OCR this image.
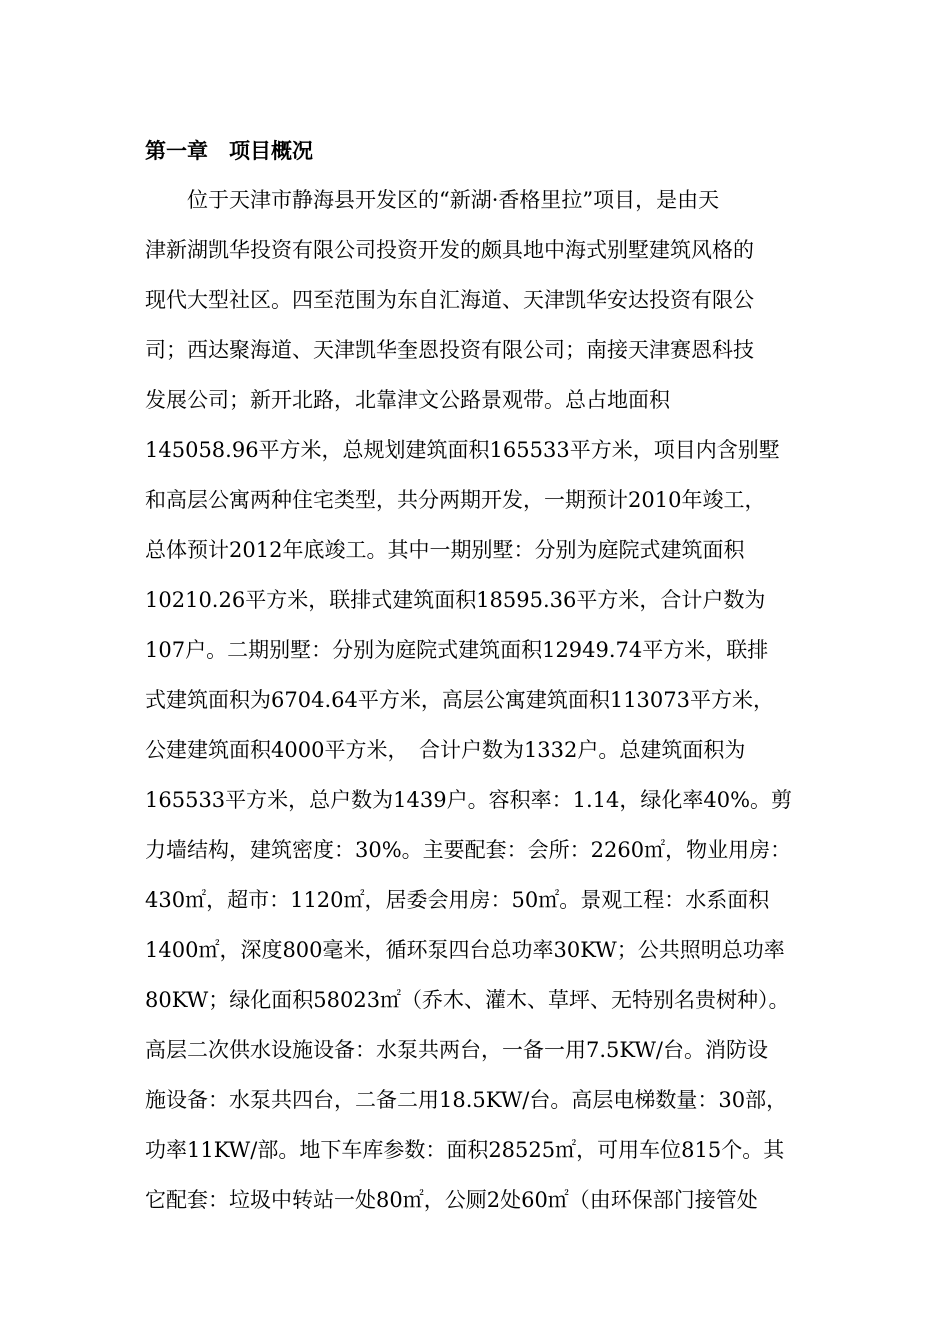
第一章　项目概况
　　位于天津市静海县开发区的“新湖·香格里拉”项目，是由天
津新湖凯华投资有限公司投资开发的颇具地中海式别墅建筑风格的
现代大型社区。四至范围为东自汇海道、天津凯华安达投资有限公
司；西达聚海道、天津凯华奎恩投资有限公司；南接天津赛恩科技
发展公司；新开北路，北靠津文公路景观带。总占地面积
145058.96平方米，总规划建筑面积165533平方米，项目内含别墅
和高层公寓两种住宅类型，共分两期开发，一期预计2010年竣工，
总体预计2012年底竣工。其中一期别墅：分别为庭院式建筑面积
10210.26平方米，联排式建筑面积18595.36平方米，合计户数为
107户。二期别墅：分别为庭院式建筑面积12949.74平方米，联排
式建筑面积为6704.64平方米，高层公寓建筑面积113073平方米，
公建建筑面积4000平方米，　合计户数为1332户。总建筑面积为
165533平方米，总户数为1439户。容积率：1.14，绿化率40%。剪
力墙结构，建筑密度：30%。主要配套：会所：2260㎡，物业用房：
430㎡，超市：1120㎡，居委会用房：50㎡。景观工程：水系面积
1400㎡，深度800毫米，循环泵四台总功率30KW；公共照明总功率
80KW；绿化面积58023㎡（乔木、灌木、草坪、无特别名贵树种）。
高层二次供水设施设备：水泵共两台，一备一用7.5KW/台。消防设
施设备：水泵共四台，二备二用18.5KW/台。高层电梯数量：30部，
功率11KW/部。地下车库参数：面积28525㎡，可用车位815个。其
它配套：垃圾中转站一处80㎡，公厕2处60㎡（由环保部门接管处
